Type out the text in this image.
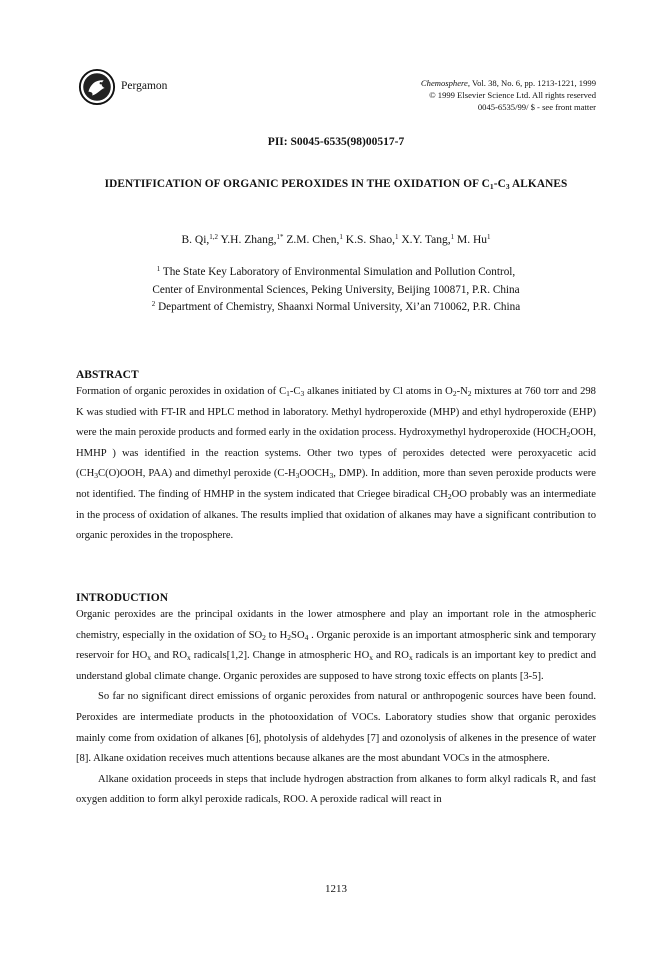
Pergamon	Chemosphere, Vol. 38, No. 6, pp. 1213-1221, 1999
© 1999 Elsevier Science Ltd. All rights reserved
0045-6535/99/ $ - see front matter
PII: S0045-6535(98)00517-7
IDENTIFICATION OF ORGANIC PEROXIDES IN THE OXIDATION OF $C_1-C_3$ ALKANES
B. Qi,$^{1,2}$ Y.H. Zhang,$^{1*}$ Z.M. Chen,$^1$ K.S. Shao,$^1$ X.Y. Tang,$^1$ M. Hu$^1$
$^1$ The State Key Laboratory of Environmental Simulation and Pollution Control,
Center of Environmental Sciences, Peking University, Beijing 100871, P.R. China
$^2$ Department of Chemistry, Shaanxi Normal University, Xi’an 710062, P.R. China

ABSTRACT

Formation of organic peroxides in oxidation of $C_1-C_3$ alkanes initiated by Cl atoms in $O_2-N_2$ mixtures at 760 torr and 298 K was studied with FT-IR and HPLC method in laboratory. Methyl hydroperoxide (MHP) and ethyl hydroperoxide (EHP) were the main peroxide products and formed early in the oxidation process. Hydroxymethyl hydroperoxide ($HOCH_2OOH$, HMHP ) was identified in the reaction systems. Other two types of peroxides detected were peroxyacetic acid ($CH_3C(O)OOH$, PAA) and dimethyl peroxide ($C-H_3OOCH_3$, DMP). In addition, more than seven peroxide products were not identified. The finding of HMHP in the system indicated that Criegee biradical $CH_2OO$ probably was an intermediate in the process of oxidation of alkanes. The results implied that oxidation of alkanes may have a significant contribution to organic peroxides in the troposphere.

INTRODUCTION

Organic peroxides are the principal oxidants in the lower atmosphere and play an important role in the atmospheric chemistry, especially in the oxidation of $SO_2$ to $H_2SO_4$ . Organic peroxide is an important atmospheric sink and temporary reservoir for $HO_x$ and $RO_x$ radicals[1,2]. Change in atmospheric $HO_x$ and $RO_x$ radicals is an important key to predict and understand global climate change. Organic peroxides are supposed to have strong toxic effects on plants [3-5].

So far no significant direct emissions of organic peroxides from natural or anthropogenic sources have been found. Peroxides are intermediate products in the photooxidation of VOCs. Laboratory studies show that organic peroxides mainly come from oxidation of alkanes [6], photolysis of aldehydes [7] and ozonolysis of alkenes in the presence of water [8]. Alkane oxidation receives much attentions because alkanes are the most abundant VOCs in the atmosphere.

Alkane oxidation proceeds in steps that include hydrogen abstraction from alkanes to form alkyl radicals R, and fast oxygen addition to form alkyl peroxide radicals, ROO. A peroxide radical will react in

1213
